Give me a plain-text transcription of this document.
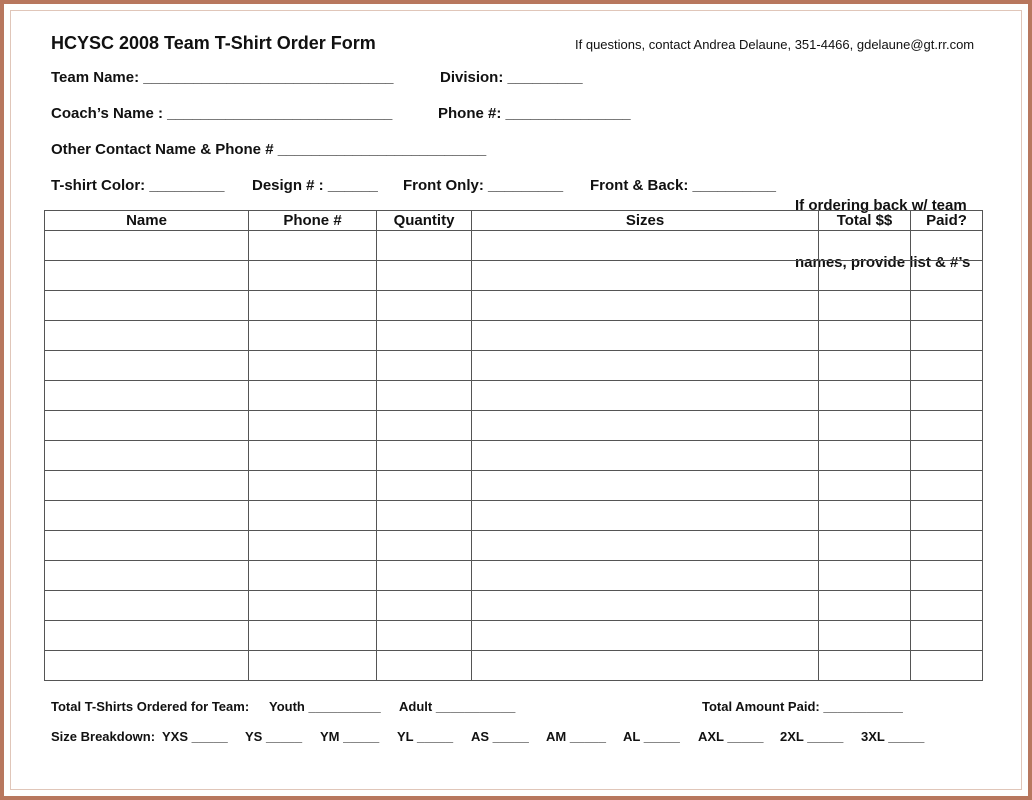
HCYSC 2008 Team T-Shirt Order Form	If questions, contact Andrea Delaune, 351-4466, gdelaune@gt.rr.com
Team Name: ______________________________	Division: _________
Coach’s Name : ___________________________	Phone #: _______________
Other Contact Name & Phone # _________________________
T-shirt Color: _________ Design # : ______ Front Only: _________ Front & Back: __________

If ordering back w/ team

names, provide list & #’s

Name	Phone #	Quantity	Sizes	Total $$	Paid?

Total T-Shirts Ordered for Team: Youth __________ Adult ___________	Total Amount Paid: ___________
Size Breakdown: YXS _____ YS _____ YM _____ YL _____ AS _____ AM _____ AL _____ AXL _____ 2XL _____ 3XL _____
